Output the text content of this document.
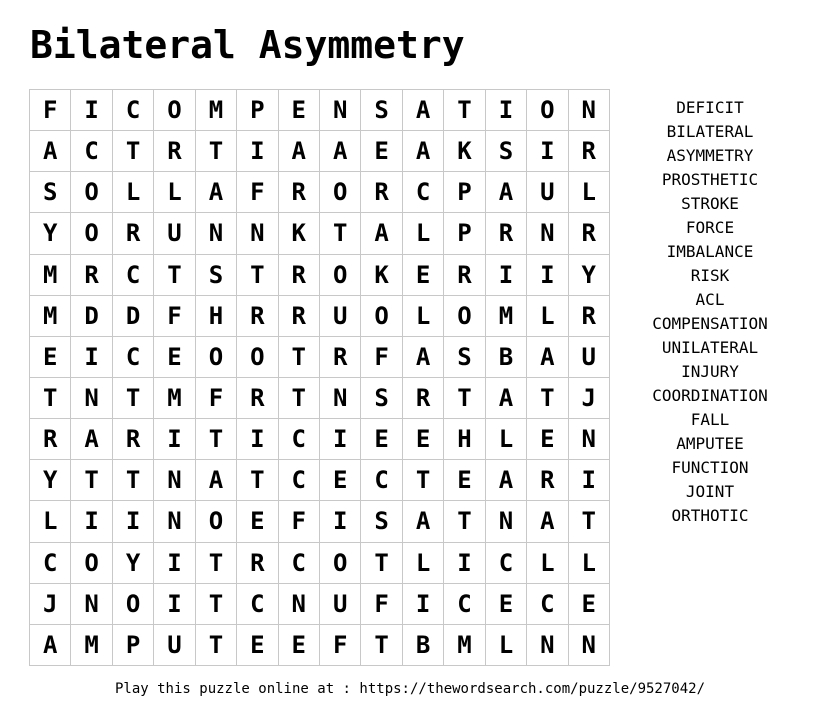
Bilateral Asymmetry
F	I	C	O	M	P	E	N	S	A	T	I	O	N
A	C	T	R	T	I	A	A	E	A	K	S	I	R
S	O	L	L	A	F	R	O	R	C	P	A	U	L
Y	O	R	U	N	N	K	T	A	L	P	R	N	R
M	R	C	T	S	T	R	O	K	E	R	I	I	Y
M	D	D	F	H	R	R	U	O	L	O	M	L	R
E	I	C	E	O	O	T	R	F	A	S	B	A	U
T	N	T	M	F	R	T	N	S	R	T	A	T	J
R	A	R	I	T	I	C	I	E	E	H	L	E	N
Y	T	T	N	A	T	C	E	C	T	E	A	R	I
L	I	I	N	O	E	F	I	S	A	T	N	A	T
C	O	Y	I	T	R	C	O	T	L	I	C	L	L
J	N	O	I	T	C	N	U	F	I	C	E	C	E
A	M	P	U	T	E	E	F	T	B	M	L	N	N
DEFICIT
BILATERAL
ASYMMETRY
PROSTHETIC
STROKE
FORCE
IMBALANCE
RISK
ACL
COMPENSATION
UNILATERAL
INJURY
COORDINATION
FALL
AMPUTEE
FUNCTION
JOINT
ORTHOTIC
Play this puzzle online at : https://thewordsearch.com/puzzle/9527042/
